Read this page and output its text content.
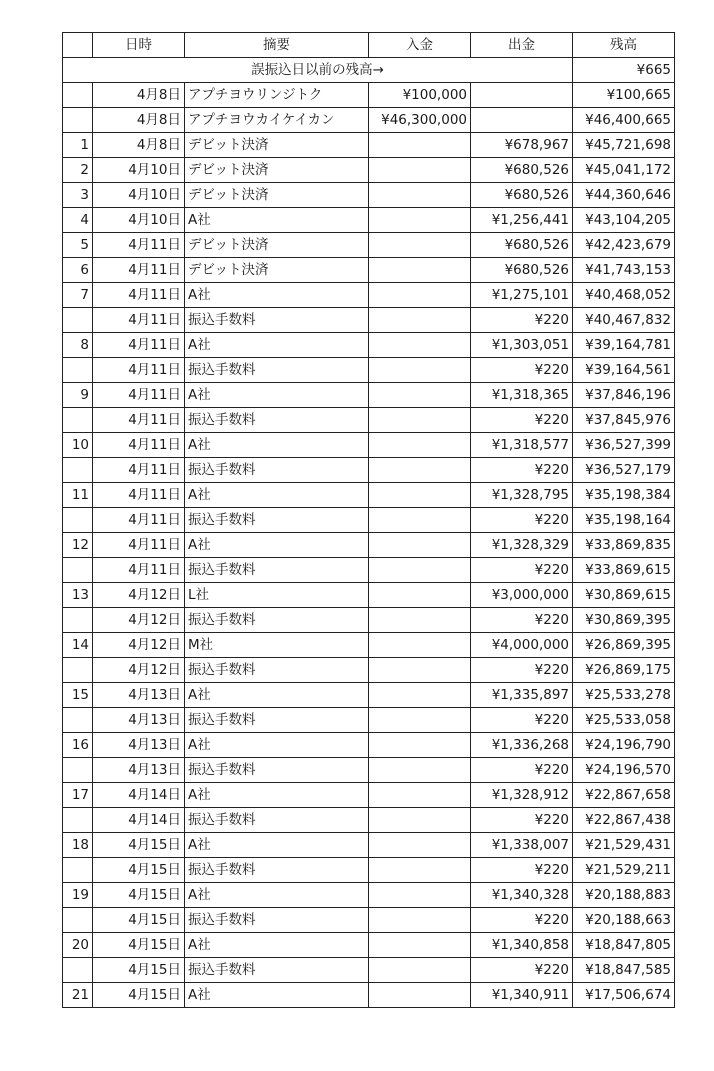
	日時	摘要	入金	出金	残高
誤振込日以前の残高→					¥665
	4月8日	アプチヨウリンジトク	¥100,000		¥100,665
	4月8日	アプチヨウカイケイカン	¥46,300,000		¥46,400,665
1	4月8日	デビット決済		¥678,967	¥45,721,698
2	4月10日	デビット決済		¥680,526	¥45,041,172
3	4月10日	デビット決済		¥680,526	¥44,360,646
4	4月10日	A社		¥1,256,441	¥43,104,205
5	4月11日	デビット決済		¥680,526	¥42,423,679
6	4月11日	デビット決済		¥680,526	¥41,743,153
7	4月11日	A社		¥1,275,101	¥40,468,052
	4月11日	振込手数料		¥220	¥40,467,832
8	4月11日	A社		¥1,303,051	¥39,164,781
	4月11日	振込手数料		¥220	¥39,164,561
9	4月11日	A社		¥1,318,365	¥37,846,196
	4月11日	振込手数料		¥220	¥37,845,976
10	4月11日	A社		¥1,318,577	¥36,527,399
	4月11日	振込手数料		¥220	¥36,527,179
11	4月11日	A社		¥1,328,795	¥35,198,384
	4月11日	振込手数料		¥220	¥35,198,164
12	4月11日	A社		¥1,328,329	¥33,869,835
	4月11日	振込手数料		¥220	¥33,869,615
13	4月12日	L社		¥3,000,000	¥30,869,615
	4月12日	振込手数料		¥220	¥30,869,395
14	4月12日	M社		¥4,000,000	¥26,869,395
	4月12日	振込手数料		¥220	¥26,869,175
15	4月13日	A社		¥1,335,897	¥25,533,278
	4月13日	振込手数料		¥220	¥25,533,058
16	4月13日	A社		¥1,336,268	¥24,196,790
	4月13日	振込手数料		¥220	¥24,196,570
17	4月14日	A社		¥1,328,912	¥22,867,658
	4月14日	振込手数料		¥220	¥22,867,438
18	4月15日	A社		¥1,338,007	¥21,529,431
	4月15日	振込手数料		¥220	¥21,529,211
19	4月15日	A社		¥1,340,328	¥20,188,883
	4月15日	振込手数料		¥220	¥20,188,663
20	4月15日	A社		¥1,340,858	¥18,847,805
	4月15日	振込手数料		¥220	¥18,847,585
21	4月15日	A社		¥1,340,911	¥17,506,674
